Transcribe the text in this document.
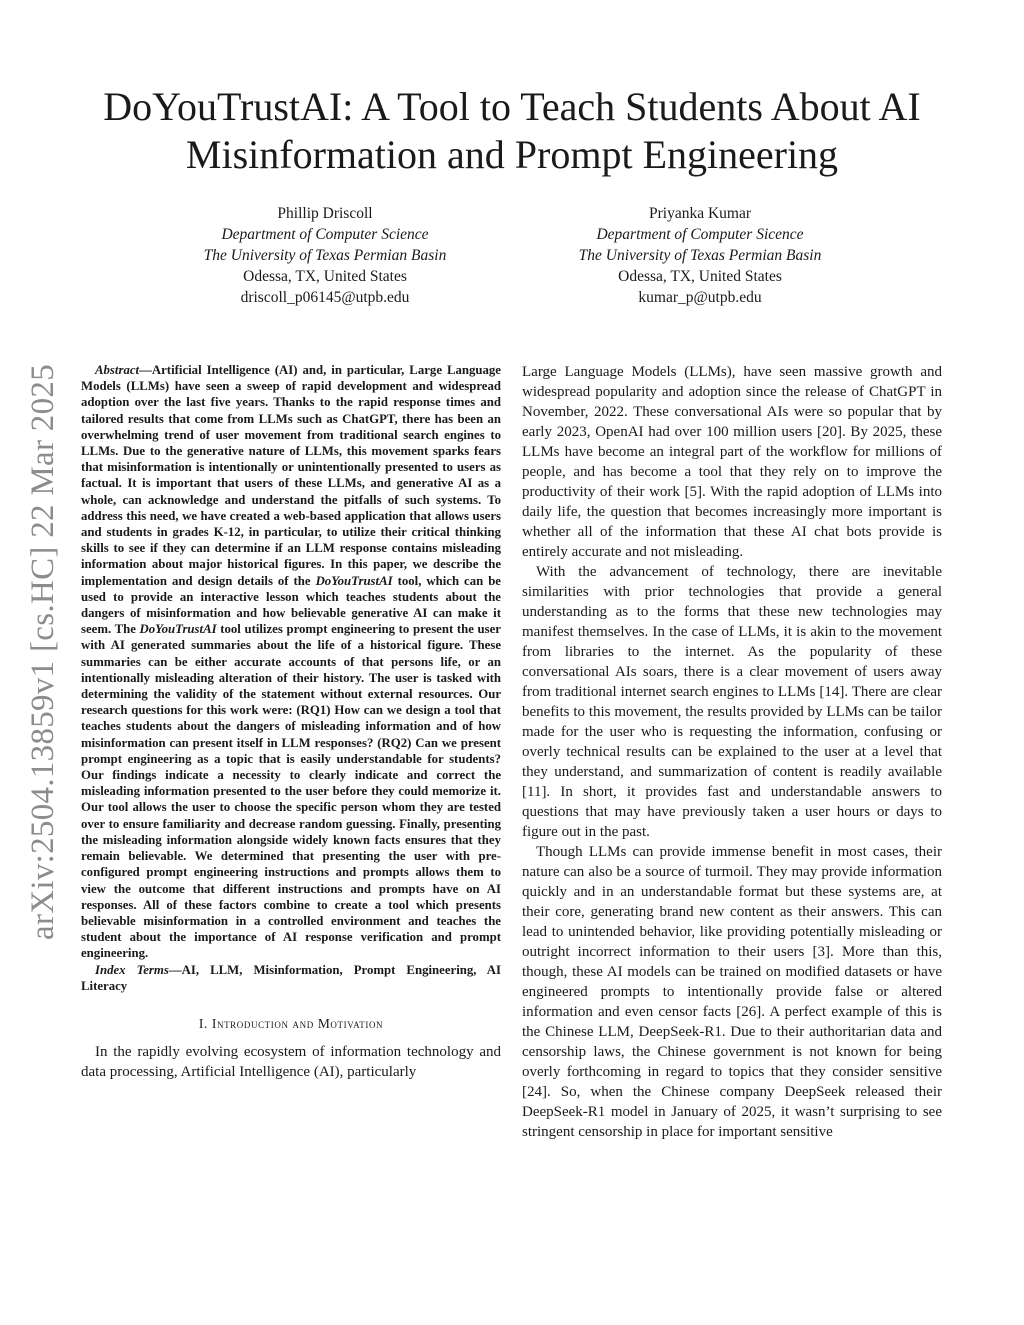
arXiv:2504.13859v1 [cs.HC] 22 Mar 2025
DoYouTrustAI: A Tool to Teach Students About AI
Misinformation and Prompt Engineering
Phillip Driscoll
Department of Computer Science
The University of Texas Permian Basin
Odessa, TX, United States
driscoll_p06145@utpb.edu
Priyanka Kumar
Department of Computer Sicence
The University of Texas Permian Basin
Odessa, TX, United States
kumar_p@utpb.edu

Abstract—Artificial Intelligence (AI) and, in particular, Large Language Models (LLMs) have seen a sweep of rapid development and widespread adoption over the last five years. Thanks to the rapid response times and tailored results that come from LLMs such as ChatGPT, there has been an overwhelming trend of user movement from traditional search engines to LLMs. Due to the generative nature of LLMs, this movement sparks fears that misinformation is intentionally or unintentionally presented to users as factual. It is important that users of these LLMs, and generative AI as a whole, can acknowledge and understand the pitfalls of such systems. To address this need, we have created a web-based application that allows users and students in grades K-12, in particular, to utilize their critical thinking skills to see if they can determine if an LLM response contains misleading information about major historical figures. In this paper, we describe the implementation and design details of the DoYouTrustAI tool, which can be used to provide an interactive lesson which teaches students about the dangers of misinformation and how believable generative AI can make it seem. The DoYouTrustAI tool utilizes prompt engineering to present the user with AI generated summaries about the life of a historical figure. These summaries can be either accurate accounts of that persons life, or an intentionally misleading alteration of their history. The user is tasked with determining the validity of the statement without external resources. Our research questions for this work were: (RQ1) How can we design a tool that teaches students about the dangers of misleading information and of how misinformation can present itself in LLM responses? (RQ2) Can we present prompt engineering as a topic that is easily understandable for students? Our findings indicate a necessity to clearly indicate and correct the misleading information presented to the user before they could memorize it. Our tool allows the user to choose the specific person whom they are tested over to ensure familiarity and decrease random guessing. Finally, presenting the misleading information alongside widely known facts ensures that they remain believable. We determined that presenting the user with pre-configured prompt engineering instructions and prompts allows them to view the outcome that different instructions and prompts have on AI responses. All of these factors combine to create a tool which presents believable misinformation in a controlled environment and teaches the student about the importance of AI response verification and prompt engineering.

Index Terms—AI, LLM, Misinformation, Prompt Engineering, AI Literacy

I. Introduction and Motivation

In the rapidly evolving ecosystem of information technology and data processing, Artificial Intelligence (AI), particularly

Large Language Models (LLMs), have seen massive growth and widespread popularity and adoption since the release of ChatGPT in November, 2022. These conversational AIs were so popular that by early 2023, OpenAI had over 100 million users [20]. By 2025, these LLMs have become an integral part of the workflow for millions of people, and has become a tool that they rely on to improve the productivity of their work [5]. With the rapid adoption of LLMs into daily life, the question that becomes increasingly more important is whether all of the information that these AI chat bots provide is entirely accurate and not misleading.

With the advancement of technology, there are inevitable similarities with prior technologies that provide a general understanding as to the forms that these new technologies may manifest themselves. In the case of LLMs, it is akin to the movement from libraries to the internet. As the popularity of these conversational AIs soars, there is a clear movement of users away from traditional internet search engines to LLMs [14]. There are clear benefits to this movement, the results provided by LLMs can be tailor made for the user who is requesting the information, confusing or overly technical results can be explained to the user at a level that they understand, and summarization of content is readily available [11]. In short, it provides fast and understandable answers to questions that may have previously taken a user hours or days to figure out in the past.

Though LLMs can provide immense benefit in most cases, their nature can also be a source of turmoil. They may provide information quickly and in an understandable format but these systems are, at their core, generating brand new content as their answers. This can lead to unintended behavior, like providing potentially misleading or outright incorrect information to their users [3]. More than this, though, these AI models can be trained on modified datasets or have engineered prompts to intentionally provide false or altered information and even censor facts [26]. A perfect example of this is the Chinese LLM, DeepSeek-R1. Due to their authoritarian data and censorship laws, the Chinese government is not known for being overly forthcoming in regard to topics that they consider sensitive [24]. So, when the Chinese company DeepSeek released their DeepSeek-R1 model in January of 2025, it wasn’t surprising to see stringent censorship in place for important sensitive
